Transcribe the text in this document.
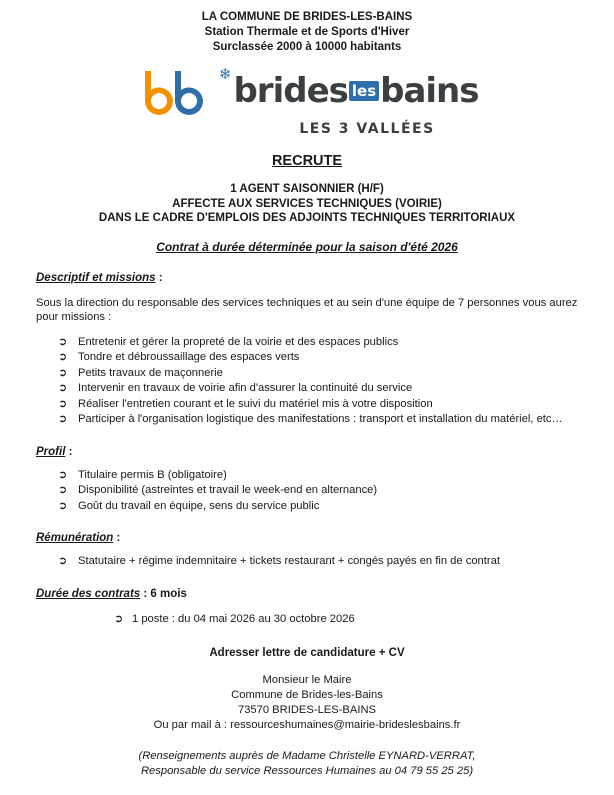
LA COMMUNE DE BRIDES-LES-BAINS
Station Thermale et de Sports d'Hiver
Surclassée 2000 à 10000 habitants
❄ brides les bains
LES 3 VALLÉES
RECRUTE
1 AGENT SAISONNIER (H/F)
AFFECTE AUX SERVICES TECHNIQUES (VOIRIE)
DANS LE CADRE D'EMPLOIS DES ADJOINTS TECHNIQUES TERRITORIAUX
Contrat à durée déterminée pour la saison d'été 2026
Descriptif et missions :
Sous la direction du responsable des services techniques et au sein d'une équipe de 7 personnes vous aurez pour missions :
➲ Entretenir et gérer la propreté de la voirie et des espaces publics
➲ Tondre et débroussaillage des espaces verts
➲ Petits travaux de maçonnerie
➲ Intervenir en travaux de voirie afin d'assurer la continuité du service
➲ Réaliser l'entretien courant et le suivi du matériel mis à votre disposition
➲ Participer à l'organisation logistique des manifestations : transport et installation du matériel, etc…
Profil :
➲ Titulaire permis B (obligatoire)
➲ Disponibilité (astreintes et travail le week-end en alternance)
➲ Goût du travail en équipe, sens du service public
Rémunération :
➲ Statutaire + régime indemnitaire + tickets restaurant + congés payés en fin de contrat
Durée des contrats : 6 mois
➲ 1 poste : du 04 mai 2026 au 30 octobre 2026
Adresser lettre de candidature + CV
Monsieur le Maire
Commune de Brides-les-Bains
73570 BRIDES-LES-BAINS
Ou par mail à : ressourceshumaines@mairie-brideslesbains.fr
(Renseignements auprès de Madame Christelle EYNARD-VERRAT,
Responsable du service Ressources Humaines au 04 79 55 25 25)
